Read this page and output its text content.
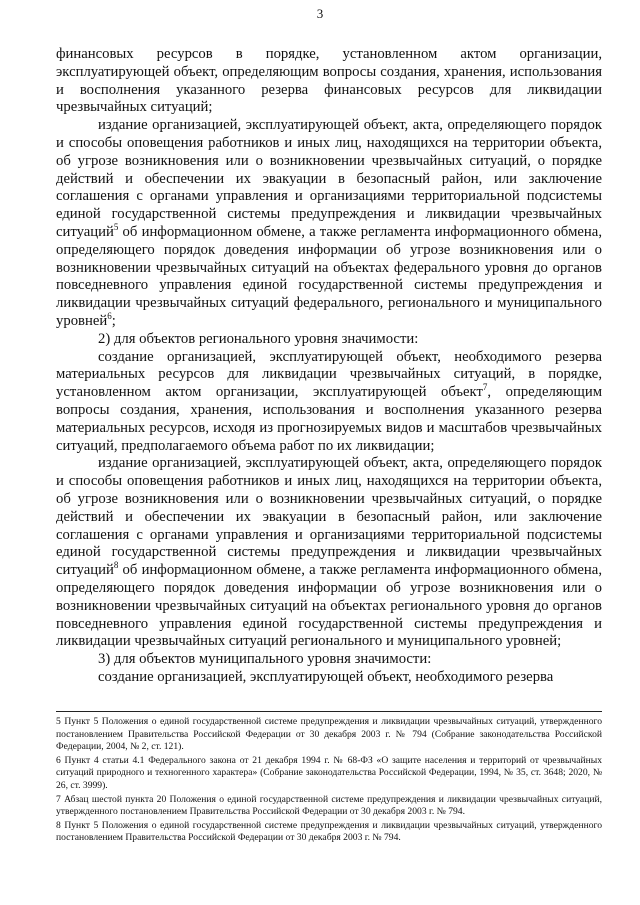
3

финансовых ресурсов в порядке, установленном актом организации, эксплуатирующей объект, определяющим вопросы создания, хранения, использования и восполнения указанного резерва финансовых ресурсов для ликвидации чрезвычайных ситуаций;

издание организацией, эксплуатирующей объект, акта, определяющего порядок и способы оповещения работников и иных лиц, находящихся на территории объекта, об угрозе возникновения или о возникновении чрезвычайных ситуаций, о порядке действий и обеспечении их эвакуации в безопасный район, или заключение соглашения с органами управления и организациями территориальной подсистемы единой государственной системы предупреждения и ликвидации чрезвычайных ситуаций$^5$ об информационном обмене, а также регламента информационного обмена, определяющего порядок доведения информации об угрозе возникновения или о возникновении чрезвычайных ситуаций на объектах федерального уровня до органов повседневного управления единой государственной системы предупреждения и ликвидации чрезвычайных ситуаций федерального, регионального и муниципального уровней$^6$;

2) для объектов регионального уровня значимости:

создание организацией, эксплуатирующей объект, необходимого резерва материальных ресурсов для ликвидации чрезвычайных ситуаций, в порядке, установленном актом организации, эксплуатирующей объект$^7$, определяющим вопросы создания, хранения, использования и восполнения указанного резерва материальных ресурсов, исходя из прогнозируемых видов и масштабов чрезвычайных ситуаций, предполагаемого объема работ по их ликвидации;

издание организацией, эксплуатирующей объект, акта, определяющего порядок и способы оповещения работников и иных лиц, находящихся на территории объекта, об угрозе возникновения или о возникновении чрезвычайных ситуаций, о порядке действий и обеспечении их эвакуации в безопасный район, или заключение соглашения с органами управления и организациями территориальной подсистемы единой государственной системы предупреждения и ликвидации чрезвычайных ситуаций$^8$ об информационном обмене, а также регламента информационного обмена, определяющего порядок доведения информации об угрозе возникновения или о возникновении чрезвычайных ситуаций на объектах регионального уровня до органов повседневного управления единой государственной системы предупреждения и ликвидации чрезвычайных ситуаций регионального и муниципального уровней;

3) для объектов муниципального уровня значимости:

создание организацией, эксплуатирующей объект, необходимого резерва

5 Пункт 5 Положения о единой государственной системе предупреждения и ликвидации чрезвычайных ситуаций, утвержденного постановлением Правительства Российской Федерации от 30 декабря 2003 г. № 794 (Собрание законодательства Российской Федерации, 2004, № 2, ст. 121).

6 Пункт 4 статьи 4.1 Федерального закона от 21 декабря 1994 г. № 68-ФЗ «О защите населения и территорий от чрезвычайных ситуаций природного и техногенного характера» (Собрание законодательства Российской Федерации, 1994, № 35, ст. 3648; 2020, № 26, ст. 3999).

7 Абзац шестой пункта 20 Положения о единой государственной системе предупреждения и ликвидации чрезвычайных ситуаций, утвержденного постановлением Правительства Российской Федерации от 30 декабря 2003 г. № 794.

8 Пункт 5 Положения о единой государственной системе предупреждения и ликвидации чрезвычайных ситуаций, утвержденного постановлением Правительства Российской Федерации от 30 декабря 2003 г. № 794.
